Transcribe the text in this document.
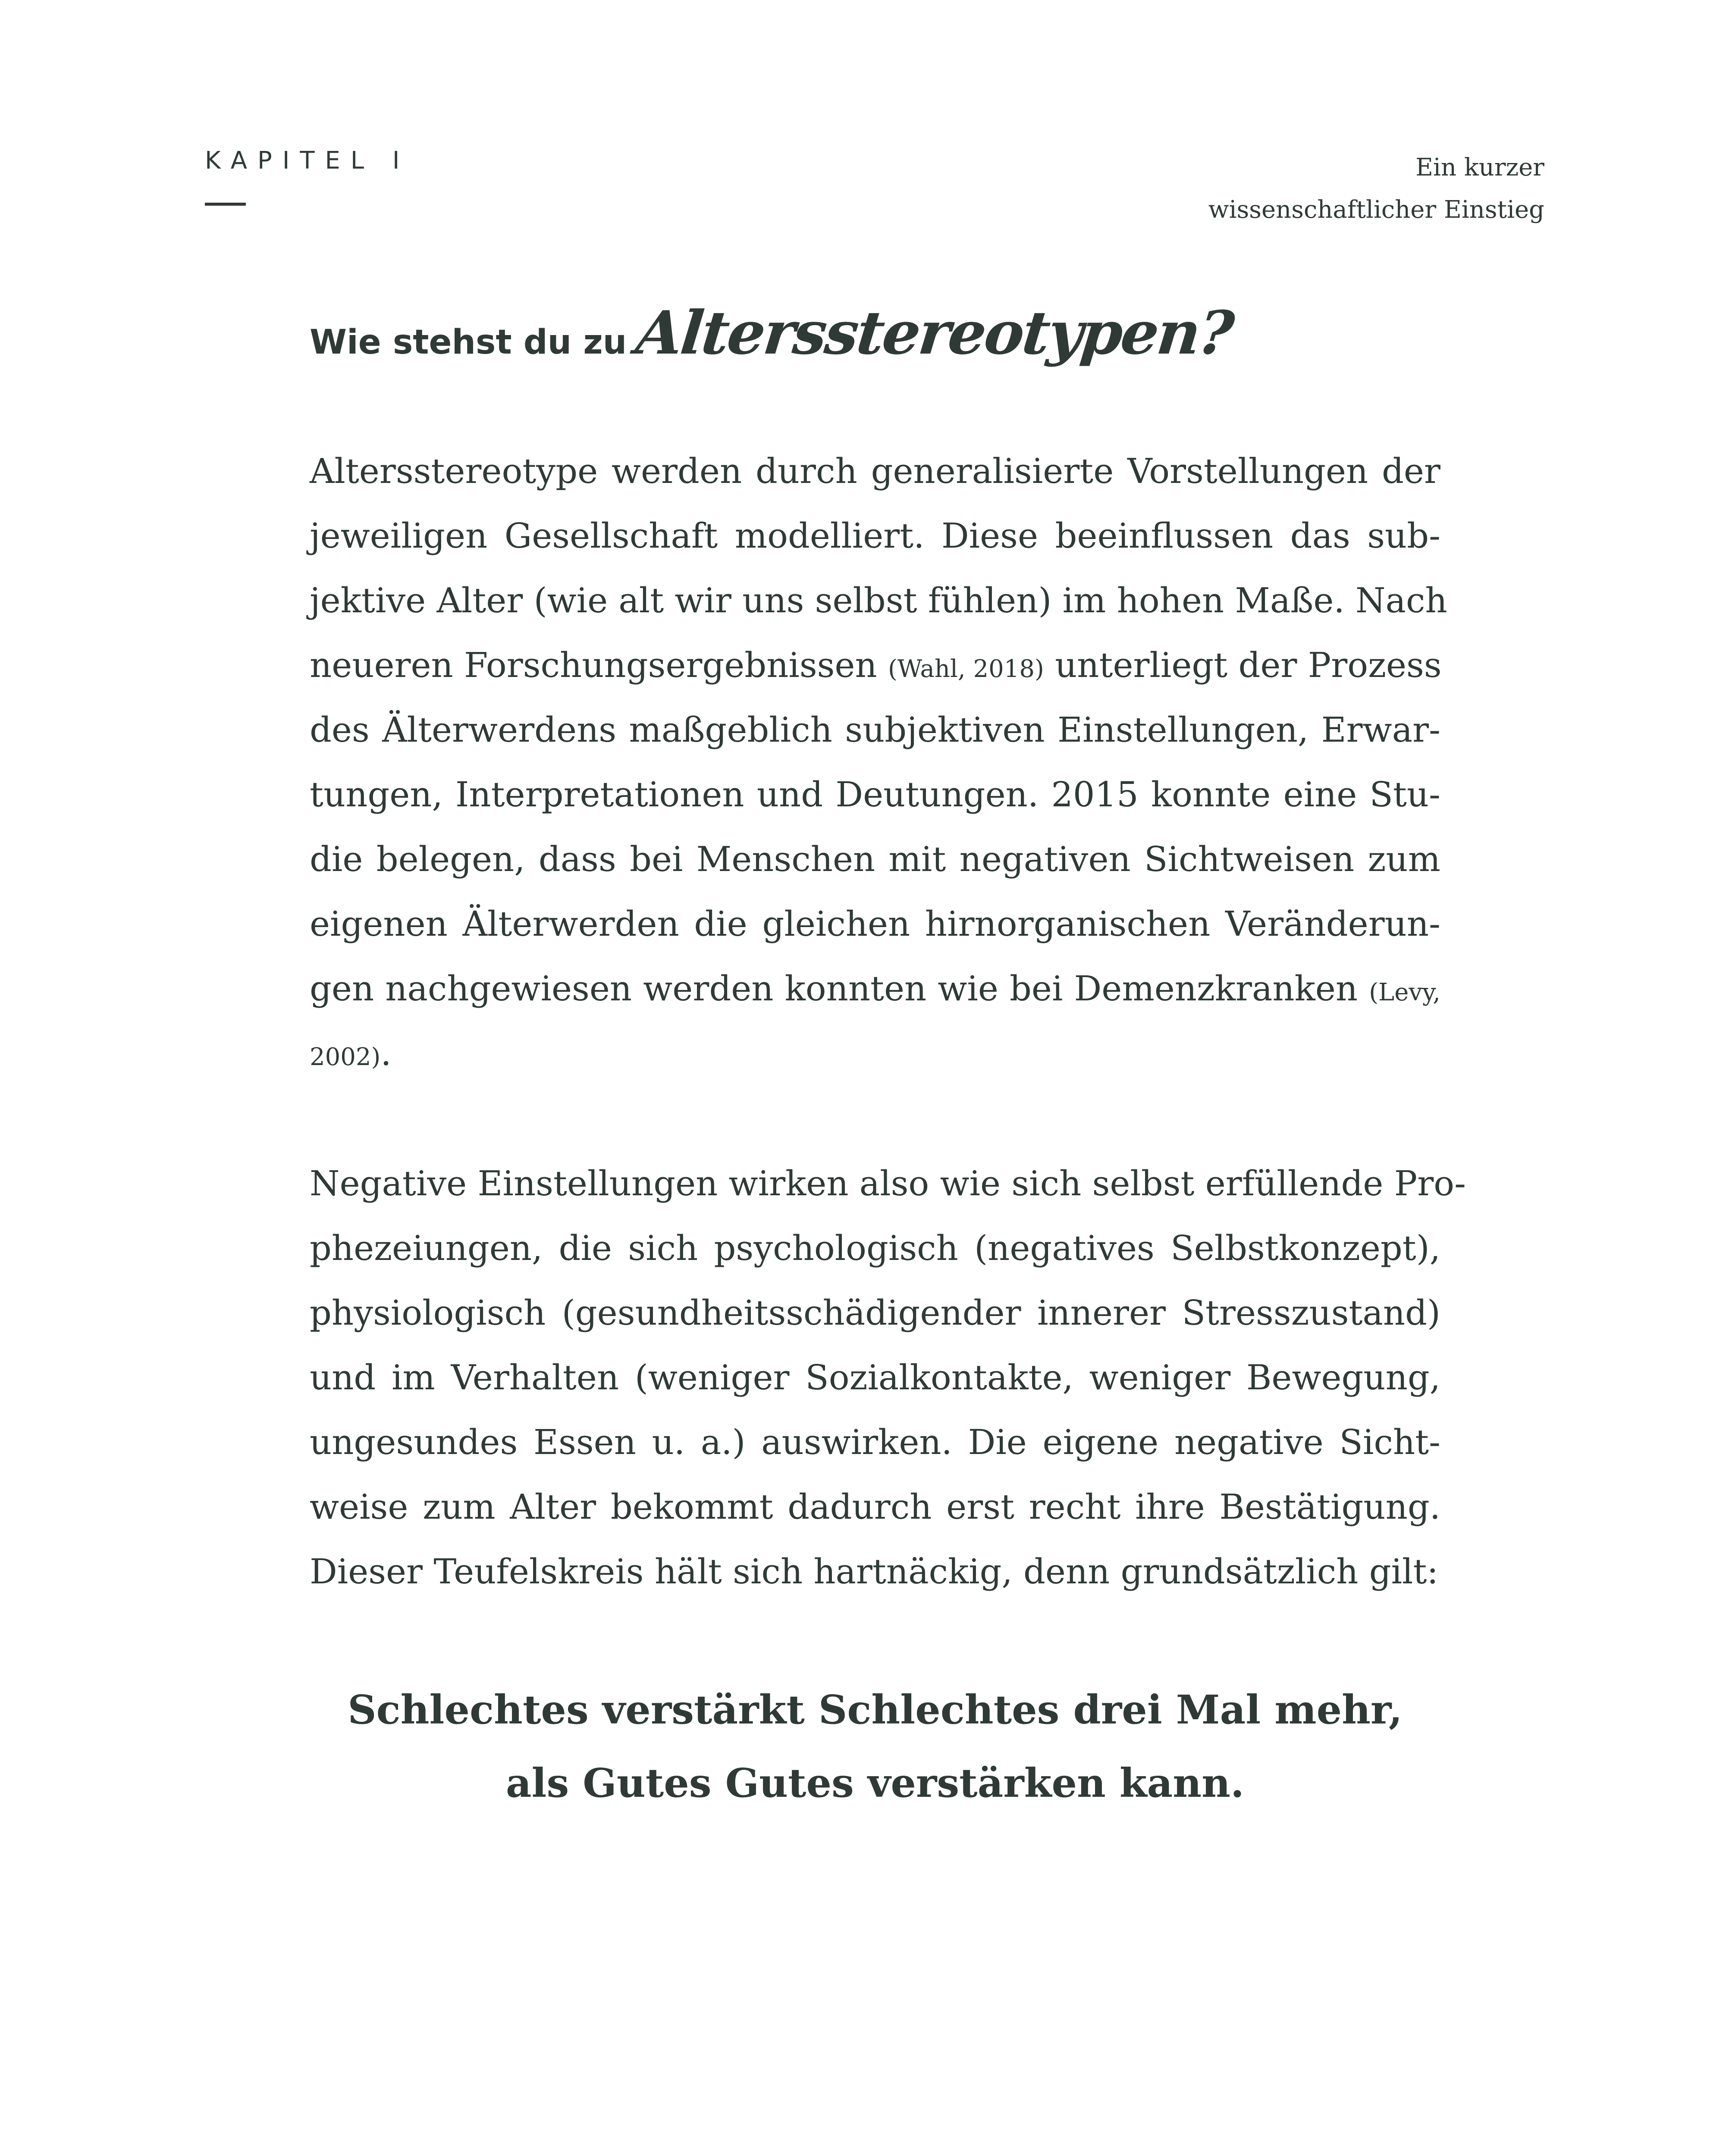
KAPITEL I	Ein kurzer
wissenschaftlicher Einstieg
Wie stehst du zu Altersstereotypen?
Altersstereotype werden durch generalisierte Vorstellungen der
jeweiligen Gesellschaft modelliert. Diese beeinflussen das sub-
jektive Alter (wie alt wir uns selbst fühlen) im hohen Maße. Nach
neueren Forschungsergebnissen (Wahl, 2018) unterliegt der Prozess
des Älterwerdens maßgeblich subjektiven Einstellungen, Erwar-
tungen, Interpretationen und Deutungen. 2015 konnte eine Stu-
die belegen, dass bei Menschen mit negativen Sichtweisen zum
eigenen Älterwerden die gleichen hirnorganischen Veränderun-
gen nachgewiesen werden konnten wie bei Demenzkranken (Levy,
2002).
Negative Einstellungen wirken also wie sich selbst erfüllende Pro-
phezeiungen, die sich psychologisch (negatives Selbstkonzept),
physiologisch (gesundheitsschädigender innerer Stresszustand)
und im Verhalten (weniger Sozialkontakte, weniger Bewegung,
ungesundes Essen u. a.) auswirken. Die eigene negative Sicht-
weise zum Alter bekommt dadurch erst recht ihre Bestätigung.
Dieser Teufelskreis hält sich hartnäckig, denn grundsätzlich gilt:
Schlechtes verstärkt Schlechtes drei Mal mehr,
als Gutes Gutes verstärken kann.
